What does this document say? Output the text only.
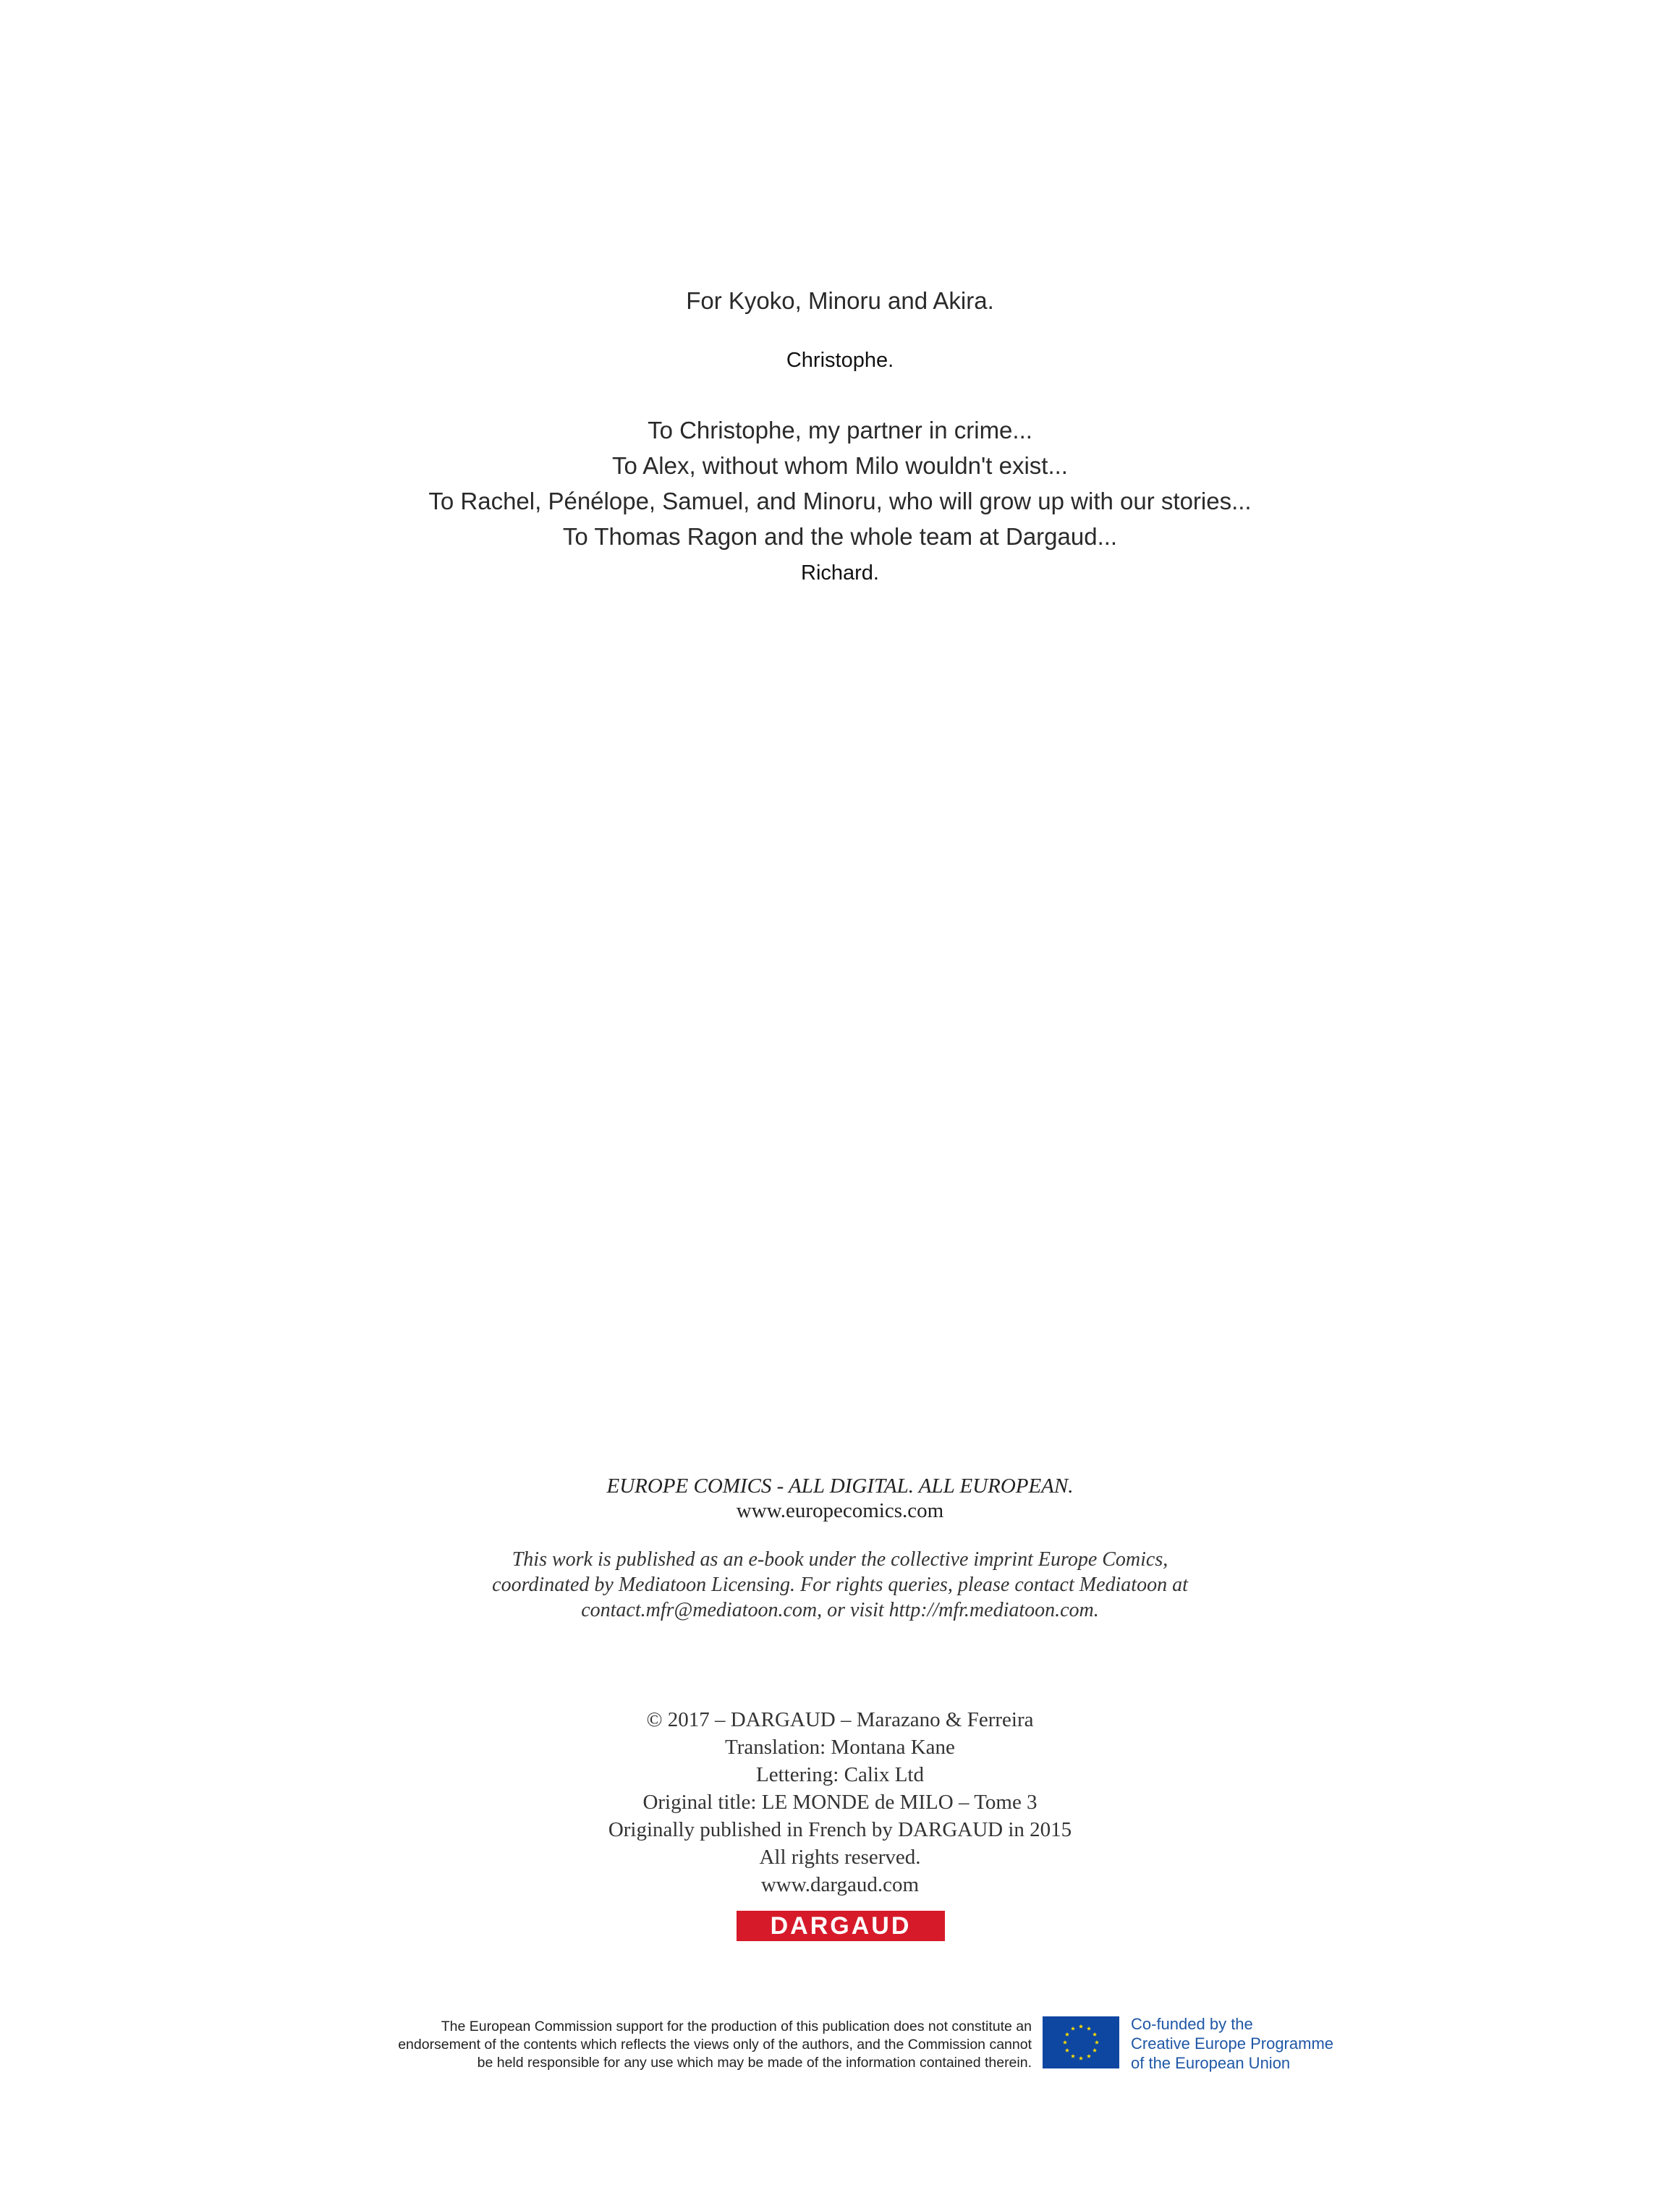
For Kyoko, Minoru and Akira.
Christophe.
To Christophe, my partner in crime...
To Alex, without whom Milo wouldn't exist...
To Rachel, Pénélope, Samuel, and Minoru, who will grow up with our stories...
To Thomas Ragon and the whole team at Dargaud...
Richard.
EUROPE COMICS - ALL DIGITAL. ALL EUROPEAN.
www.europecomics.com
This work is published as an e-book under the collective imprint Europe Comics,
coordinated by Mediatoon Licensing. For rights queries, please contact Mediatoon at
contact.mfr@mediatoon.com, or visit http://mfr.mediatoon.com.
© 2017 – DARGAUD – Marazano & Ferreira
Translation: Montana Kane
Lettering: Calix Ltd
Original title: LE MONDE de MILO – Tome 3
Originally published in French by DARGAUD in 2015
All rights reserved.
www.dargaud.com
DARGAUD
The European Commission support for the production of this publication does not constitute an
endorsement of the contents which reflects the views only of the authors, and the Commission cannot
be held responsible for any use which may be made of the information contained therein.
Co-funded by the
Creative Europe Programme
of the European Union
